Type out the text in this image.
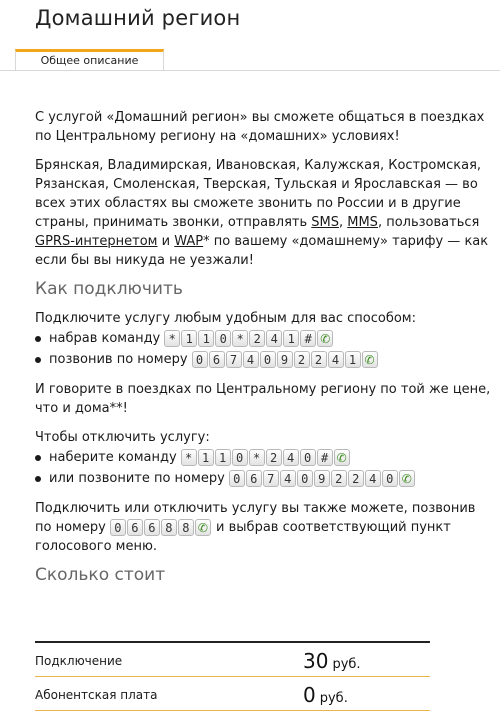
Домашний регион
Общее описание

С услугой «Домашний регион» вы сможете общаться в поездках по Центральному региону на «домашних» условиях!

Брянская, Владимирская, Ивановская, Калужская, Костромская, Рязанская, Смоленская, Тверская, Тульская и Ярославская — во всех этих областях вы сможете звонить по России и в другие страны, принимать звонки, отправлять SMS, MMS, пользоваться GPRS-интернетом и WAP* по вашему «домашнему» тарифу — как если бы вы никуда не уезжали!

Как подключить

Подключите услугу любым удобным для вас способом:

набрав команду * 1 1 0 * 2 4 1 # ✆
позвонив по номеру 0 6 7 4 0 9 2 2 4 1 ✆

И говорите в поездках по Центральному региону по той же цене, что и дома**!

Чтобы отключить услугу:

наберите команду * 1 1 0 * 2 4 0 # ✆
или позвоните по номеру 0 6 7 4 0 9 2 2 4 0 ✆

Подключить или отключить услугу вы также можете, позвонив по номеру 0 6 6 8 8 ✆ и выбрав соответствующий пункт голосового меню.

Сколько стоит
Подключение	30 руб.
Абонентская плата	0 руб.
